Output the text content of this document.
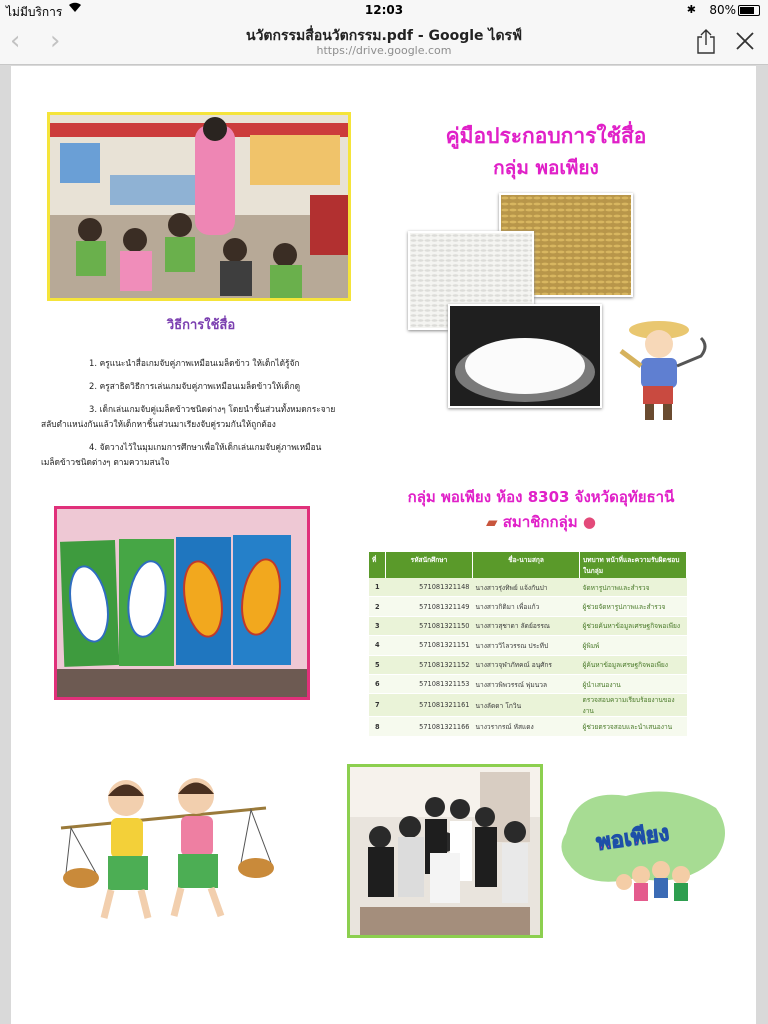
ไม่มีบริการ	12:03	✱ 80%
‹ ›	นวัตกรรมสื่อนวัตกรรม.pdf - Google ไดรฟ์
https://drive.google.com
คู่มือประกอบการใช้สื่อ
กลุ่ม พอเพียง
วิธีการใช้สื่อ

1. ครูแนะนำสื่อเกมจับคู่ภาพเหมือนเมล็ดข้าว ให้เด็กได้รู้จัก

2. ครูสาธิตวิธีการเล่นเกมจับคู่ภาพเหมือนเมล็ดข้าวให้เด็กดู

3. เด็กเล่นเกมจับคู่เมล็ดข้าวชนิดต่างๆ โดยนำชิ้นส่วนทั้งหมดกระจาย

สลับตำแหน่งกันแล้วให้เด็กหาชิ้นส่วนมาเรียงจับคู่รวมกันให้ถูกต้อง

4. จัดวางไว้ในมุมเกมการศึกษาเพื่อให้เด็กเล่นเกมจับคู่ภาพเหมือน

เมล็ดข้าวชนิดต่างๆ ตามความสนใจ

กลุ่ม พอเพียง ห้อง 8303 จังหวัดอุทัยธานี
▰ สมาชิกกลุ่ม ●
ที่	รหัสนักศึกษา	ชื่อ-นามสกุล	บทบาท หน้าที่และความรับผิดชอบในกลุ่ม
1	571081321148	นางสาวรุ่งทิพย์ แจ้งกันปา	จัดหารูปภาพและสำรวจ
2	571081321149	นางสาวกิติมา เพื่อแก้ว	ผู้ช่วยจัดหารูปภาพและสำรวจ
3	571081321150	นางสาวสุชาดา ลัดย์อรรณ	ผู้ช่วยค้นหาข้อมูลเศรษฐกิจพอเพียง
4	571081321151	นางสาววิไลวรรณ ประทีป	ผู้พิมพ์
5	571081321152	นางสาวจุฬาภัทคณ์ อนุศักร	ผู้ค้นหาข้อมูลเศรษฐกิจพอเพียง
6	571081321153	นางสาวพิพวรรณ์ พุ่มนวล	ผู้นำเสนองาน
7	571081321161	นางลัดดา โกวิน	ตรวจสอบความเรียบร้อยงานของงาน
8	571081321166	นางวรากรณ์ หัสแดง	ผู้ช่วยตรวจสอบและนำเสนองาน
พอเพียง
